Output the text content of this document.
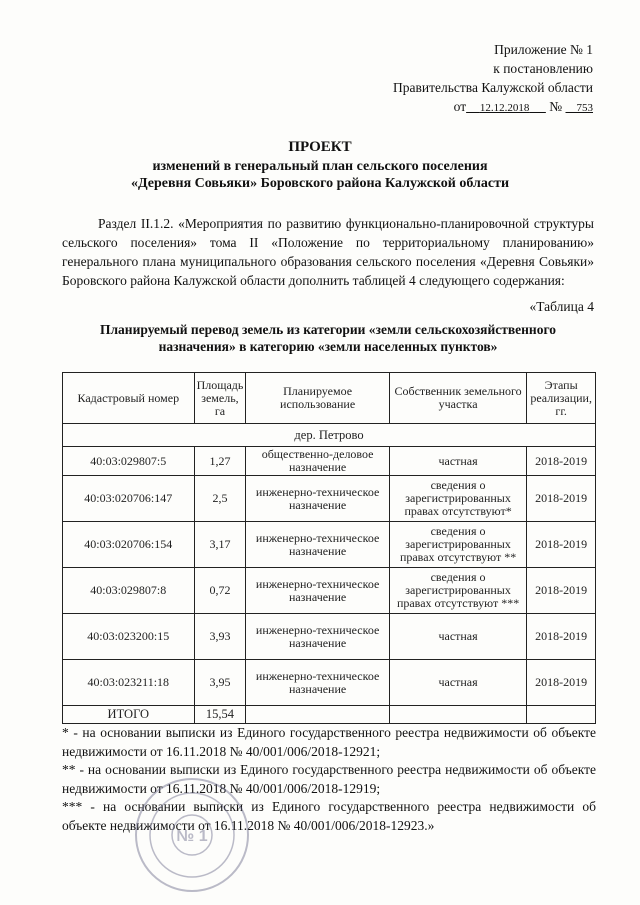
Приложение № 1
к постановлению
Правительства Калужской области
от 12.12.2018 № 753
ПРОЕКТ
изменений в генеральный план сельского поселения
«Деревня Совьяки» Боровского района Калужской области
Раздел II.1.2. «Мероприятия по развитию функционально-планировочной структуры сельского поселения» тома II «Положение по территориальному планированию» генерального плана муниципального образования сельского поселения «Деревня Совьяки» Боровского района Калужской области дополнить таблицей 4 следующего содержания:
«Таблица 4
Планируемый перевод земель из категории «земли сельскохозяйственного
назначения» в категорию «земли населенных пунктов»
Кадастровый номер	Площадь земель, га	Планируемое использование	Собственник земельного участка	Этапы реализации, гг.
дер. Петрово				
40:03:029807:5	1,27	общественно-деловое назначение	частная	2018-2019
40:03:020706:147	2,5	инженерно-техническое назначение	сведения о зарегистрированных правах отсутствуют*	2018-2019
40:03:020706:154	3,17	инженерно-техническое назначение	сведения о зарегистрированных правах отсутствуют **	2018-2019
40:03:029807:8	0,72	инженерно-техническое назначение	сведения о зарегистрированных правах отсутствуют ***	2018-2019
40:03:023200:15	3,93	инженерно-техническое назначение	частная	2018-2019
40:03:023211:18	3,95	инженерно-техническое назначение	частная	2018-2019
ИТОГО	15,54			
* - на основании выписки из Единого государственного реестра недвижимости об объекте недвижимости от 16.11.2018 № 40/001/006/2018-12921;
** - на основании выписки из Единого государственного реестра недвижимости об объекте недвижимости от 16.11.2018 № 40/001/006/2018-12919;
*** - на основании выписки из Единого государственного реестра недвижимости об объекте недвижимости от 16.11.2018 № 40/001/006/2018-12923.»
№ 1
